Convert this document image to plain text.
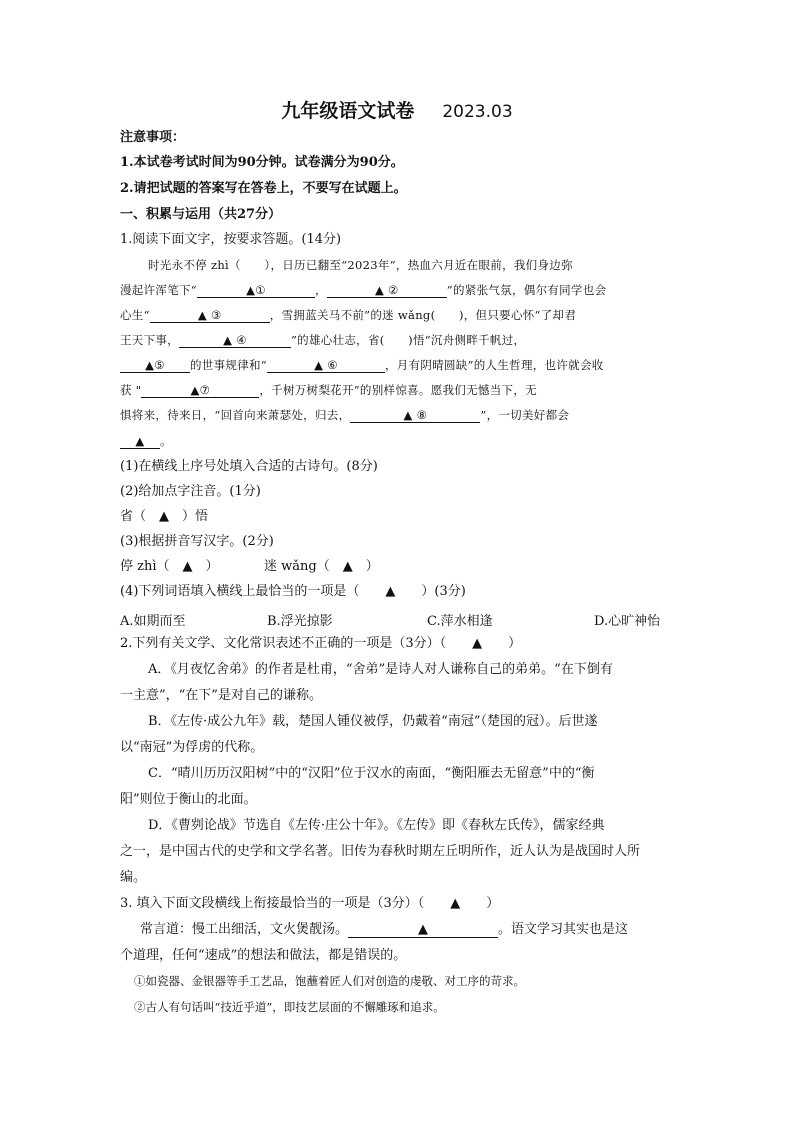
九年级语文试卷 2023.03
注意事项：
1.本试卷考试时间为90分钟。试卷满分为90分。
2.请把试题的答案写在答卷上，不要写在试题上。
一、积累与运用（共27分）
1.阅读下面文字，按要求答题。(14分)
时光永不停 zhì（　　），日历已翻至“2023年”，热血六月近在眼前，我们身边弥
漫起许浑笔下“	▲①	，	▲ ②	”的紧张气氛，偶尔有同学也会
心生“	▲ ③	，雪拥蓝关马不前”的迷 wǎng(　　)，但只要心怀“了却君
王天下事，	▲ ④	”的雄心壮志，省(　　)悟“沉舟侧畔千帆过，
▲⑤ 的世事规律和“	▲ ⑥	，月有阴晴圆缺”的人生哲理，也许就会收
获 "	▲⑦	，千树万树梨花开”的别样惊喜。愿我们无憾当下，无
惧将来，待来日，“回首向来萧瑟处，归去，	▲ ⑧	”，一切美好都会
▲ 。
(1)在横线上序号处填入合适的古诗句。(8分)
(2)给加点字注音。(1分)
省（　▲　）悟
(3)根据拼音写汉字。(2分)
停 zhì（　▲　）	迷 wǎng（　▲　）
(4)下列词语填入横线上最恰当的一项是（　　▲　　）(3分)
A.如期而至	B.浮光掠影	C.萍水相逢	D.心旷神怡
2.下列有关文学、文化常识表述不正确的一项是（3分）（　　▲　　）
A．《月夜忆舍弟》的作者是杜甫，“舍弟”是诗人对人谦称自己的弟弟。“在下倒有
一主意”，“在下”是对自己的谦称。
B．《左传·成公九年》载，楚国人锺仪被俘，仍戴着“南冠”（楚国的冠）。后世遂
以“南冠”为俘虏的代称。
C．“晴川历历汉阳树”中的“汉阳”位于汉水的南面，“衡阳雁去无留意”中的“衡
阳”则位于衡山的北面。
D．《曹刿论战》节选自《左传·庄公十年》。《左传》即《春秋左氏传》，儒家经典
之一，是中国古代的史学和文学名著。旧传为春秋时期左丘明所作，近人认为是战国时人所
编。
3. 填入下面文段横线上衔接最恰当的一项是（3分）（　　▲　　）
常言道：慢工出细活，文火煲靓汤。	▲	。语文学习其实也是这
个道理，任何“速成”的想法和做法，都是错误的。
①如瓷器、金银器等手工艺品，饱蘸着匠人们对创造的虔敬、对工序的苛求。
②古人有句话叫“技近乎道”，即技艺层面的不懈雕琢和追求。
